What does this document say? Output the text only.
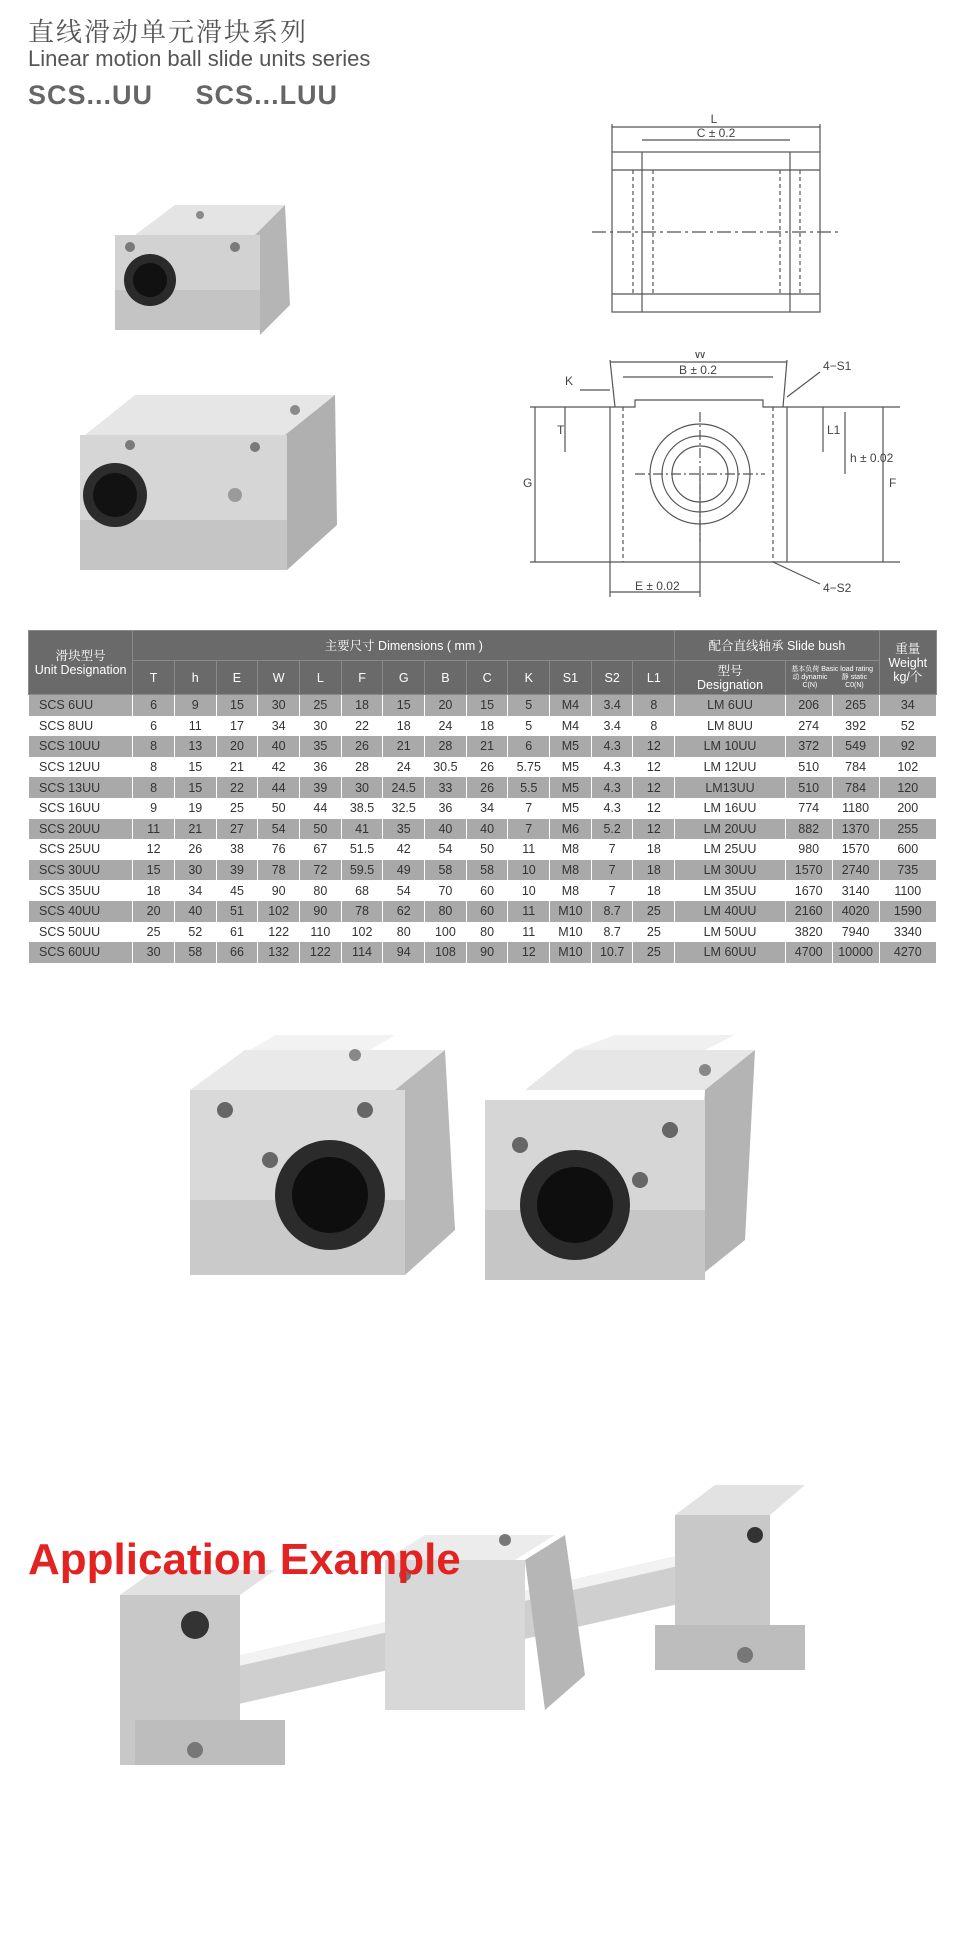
直线滑动单元滑块系列
Linear motion ball slide units series
SCS...UU SCS...LUU
L
C ± 0.2
W
K
B ± 0.2	4−S1
T
G
L1
h ± 0.02
F
E ± 0.02	4−S2
滑块型号
Unit Designation	主要尺寸 Dimensions ( mm )													配合直线轴承 Slide bush			重量
Weight kg/个
	T	h	E	W	L	F	G	B	C	K	S1	S2	L1	型号
Designation	基本负荷 Basic load rating
动 dynamic C(N)静 static C0(N)		
SCS 6UU	6	9	15	30	25	18	15	20	15	5	M4	3.4	8	LM 6UU	206	265	34
SCS 8UU	6	11	17	34	30	22	18	24	18	5	M4	3.4	8	LM 8UU	274	392	52
SCS 10UU	8	13	20	40	35	26	21	28	21	6	M5	4.3	12	LM 10UU	372	549	92
SCS 12UU	8	15	21	42	36	28	24	30.5	26	5.75	M5	4.3	12	LM 12UU	510	784	102
SCS 13UU	8	15	22	44	39	30	24.5	33	26	5.5	M5	4.3	12	LM13UU	510	784	120
SCS 16UU	9	19	25	50	44	38.5	32.5	36	34	7	M5	4.3	12	LM 16UU	774	1180	200
SCS 20UU	11	21	27	54	50	41	35	40	40	7	M6	5.2	12	LM 20UU	882	1370	255
SCS 25UU	12	26	38	76	67	51.5	42	54	50	11	M8	7	18	LM 25UU	980	1570	600
SCS 30UU	15	30	39	78	72	59.5	49	58	58	10	M8	7	18	LM 30UU	1570	2740	735
SCS 35UU	18	34	45	90	80	68	54	70	60	10	M8	7	18	LM 35UU	1670	3140	1100
SCS 40UU	20	40	51	102	90	78	62	80	60	11	M10	8.7	25	LM 40UU	2160	4020	1590
SCS 50UU	25	52	61	122	110	102	80	100	80	11	M10	8.7	25	LM 50UU	3820	7940	3340
SCS 60UU	30	58	66	132	122	114	94	108	90	12	M10	10.7	25	LM 60UU	4700	10000	4270
Application Example
